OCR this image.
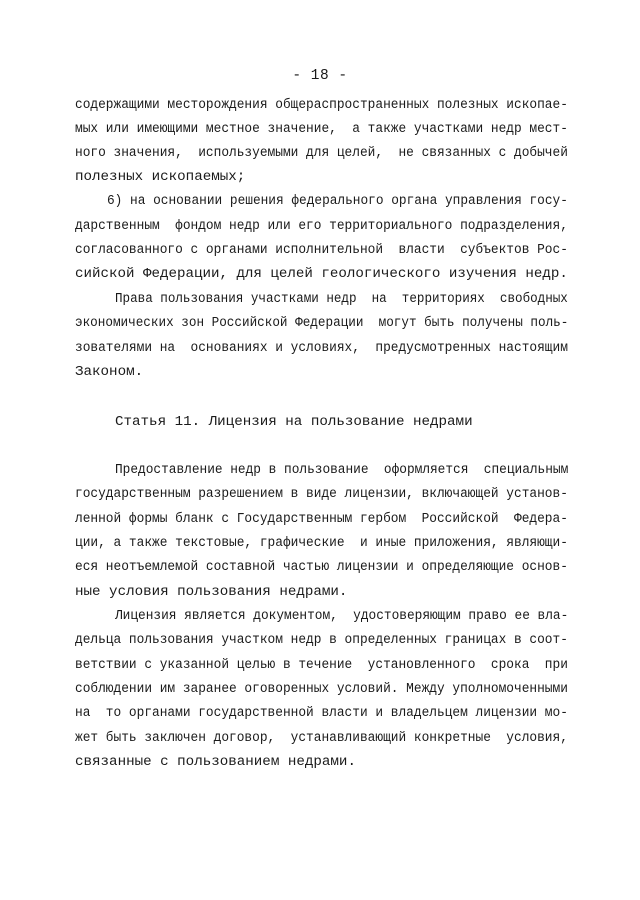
- 18 -
содержащими месторождения общераспространенных полезных ископае-
мых или имеющими местное значение,  а также участками недр мест-
ного значения,  используемыми для целей,  не связанных с добычей
полезных ископаемых;
6) на основании решения федерального органа управления госу-
дарственным  фондом недр или его территориального подразделения,
согласованного с органами исполнительной  власти  субъектов Рос-
сийской Федерации, для целей геологического изучения недр.
Права пользования участками недр  на  территориях  свободных
экономических зон Российской Федерации  могут быть получены поль-
зователями на  основаниях и условиях,  предусмотренных настоящим
Законом.
Статья 11. Лицензия на пользование недрами
Предоставление недр в пользование  оформляется  специальным
государственным разрешением в виде лицензии, включающей установ-
ленной формы бланк с Государственным гербом  Российской  Федера-
ции, а также текстовые, графические  и иные приложения, являющи-
еся неотъемлемой составной частью лицензии и определяющие основ-
ные условия пользования недрами.
Лицензия является документом,  удостоверяющим право ее вла-
дельца пользования участком недр в определенных границах в соот-
ветствии с указанной целью в течение  установленного  срока  при
соблюдении им заранее оговоренных условий. Между уполномоченными
на  то органами государственной власти и владельцем лицензии мо-
жет быть заключен договор,  устанавливающий конкретные  условия,
связанные с пользованием недрами.
